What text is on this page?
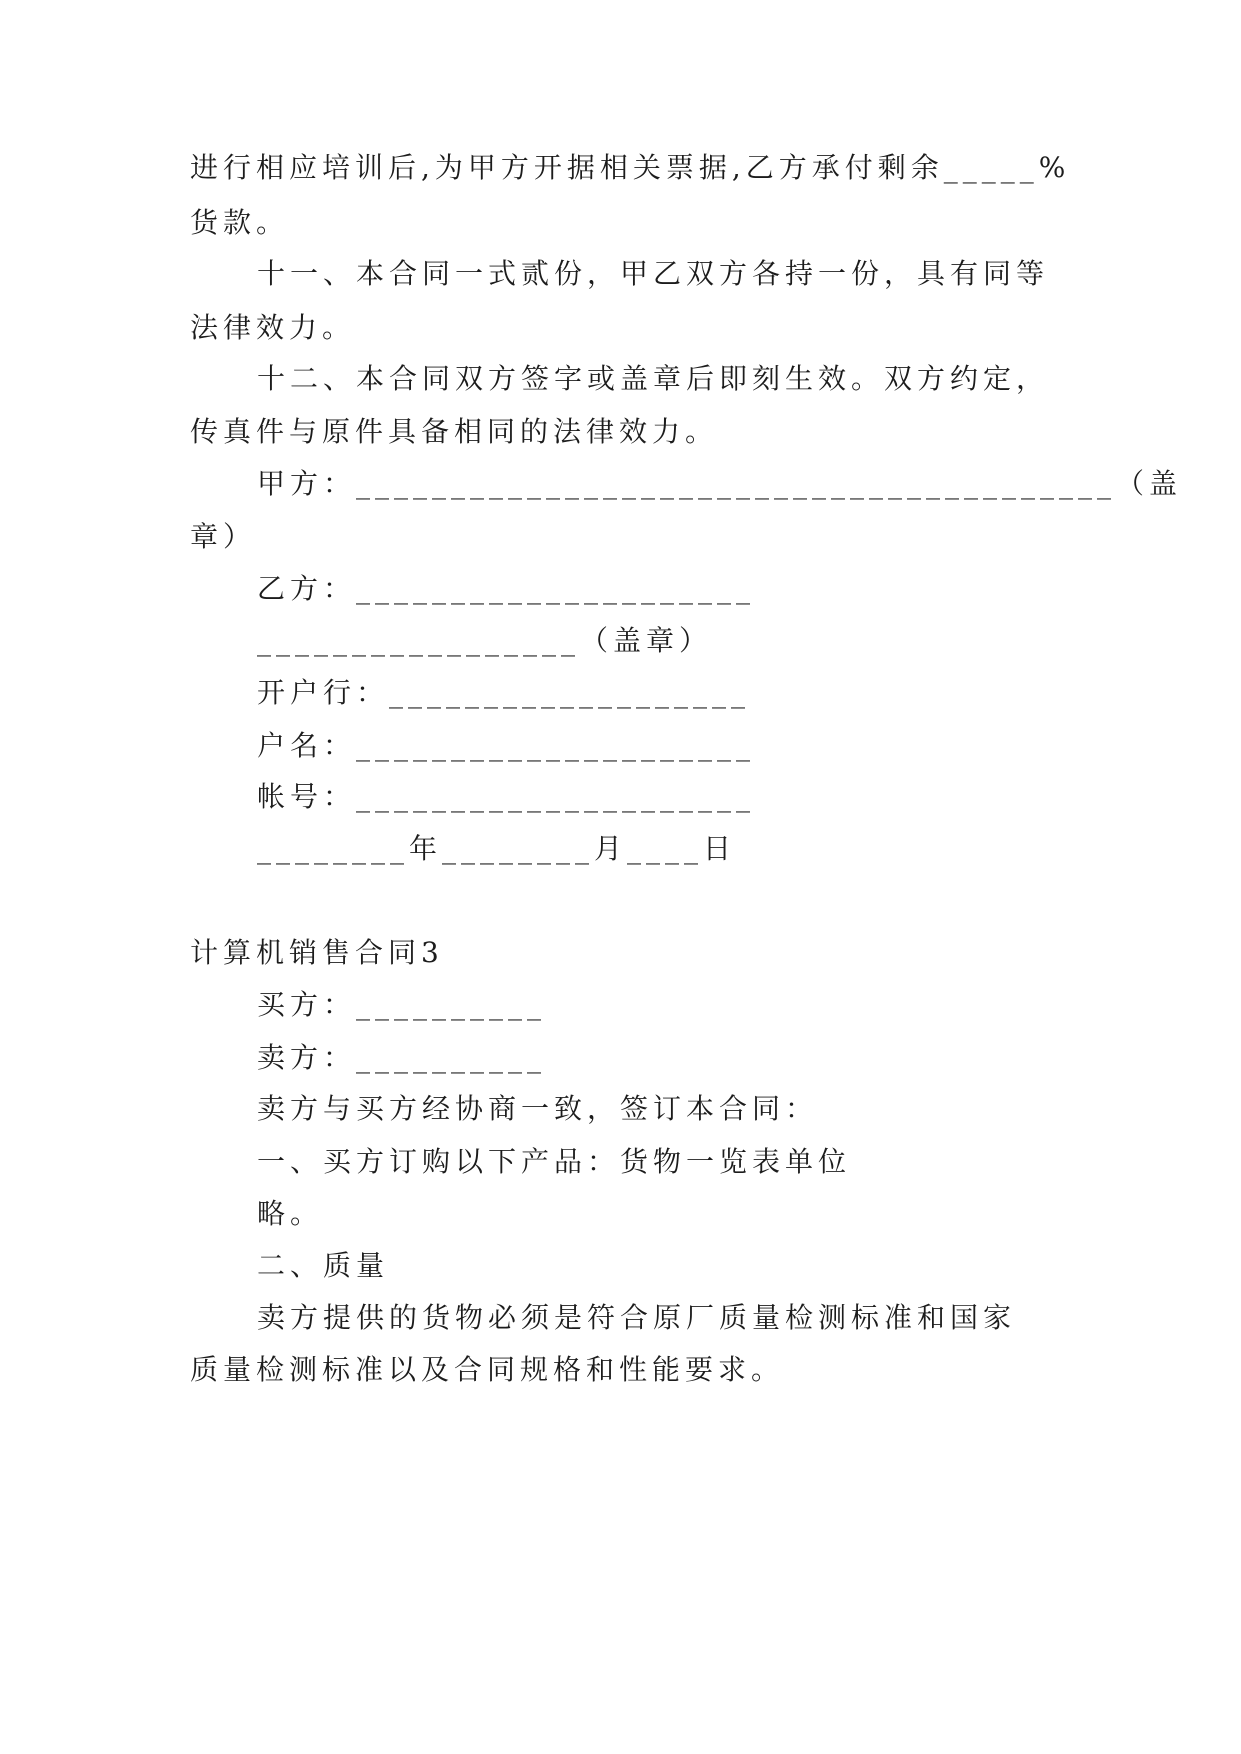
进行相应培训后,为甲方开据相关票据,乙方承付剩余_____%
货款。
十一、本合同一式贰份，甲乙双方各持一份，具有同等
法律效力。
十二、本合同双方签字或盖章后即刻生效。双方约定，
传真件与原件具备相同的法律效力。
甲方：________________________________________（盖
章）
乙方：_____________________
_________________（盖章）
开户行：___________________
户名：_____________________
帐号：_____________________
________年________月____日
计算机销售合同3
买方：__________
卖方：__________
卖方与买方经协商一致，签订本合同：
一、买方订购以下产品：货物一览表单位
略。
二、质量
卖方提供的货物必须是符合原厂质量检测标准和国家
质量检测标准以及合同规格和性能要求。
